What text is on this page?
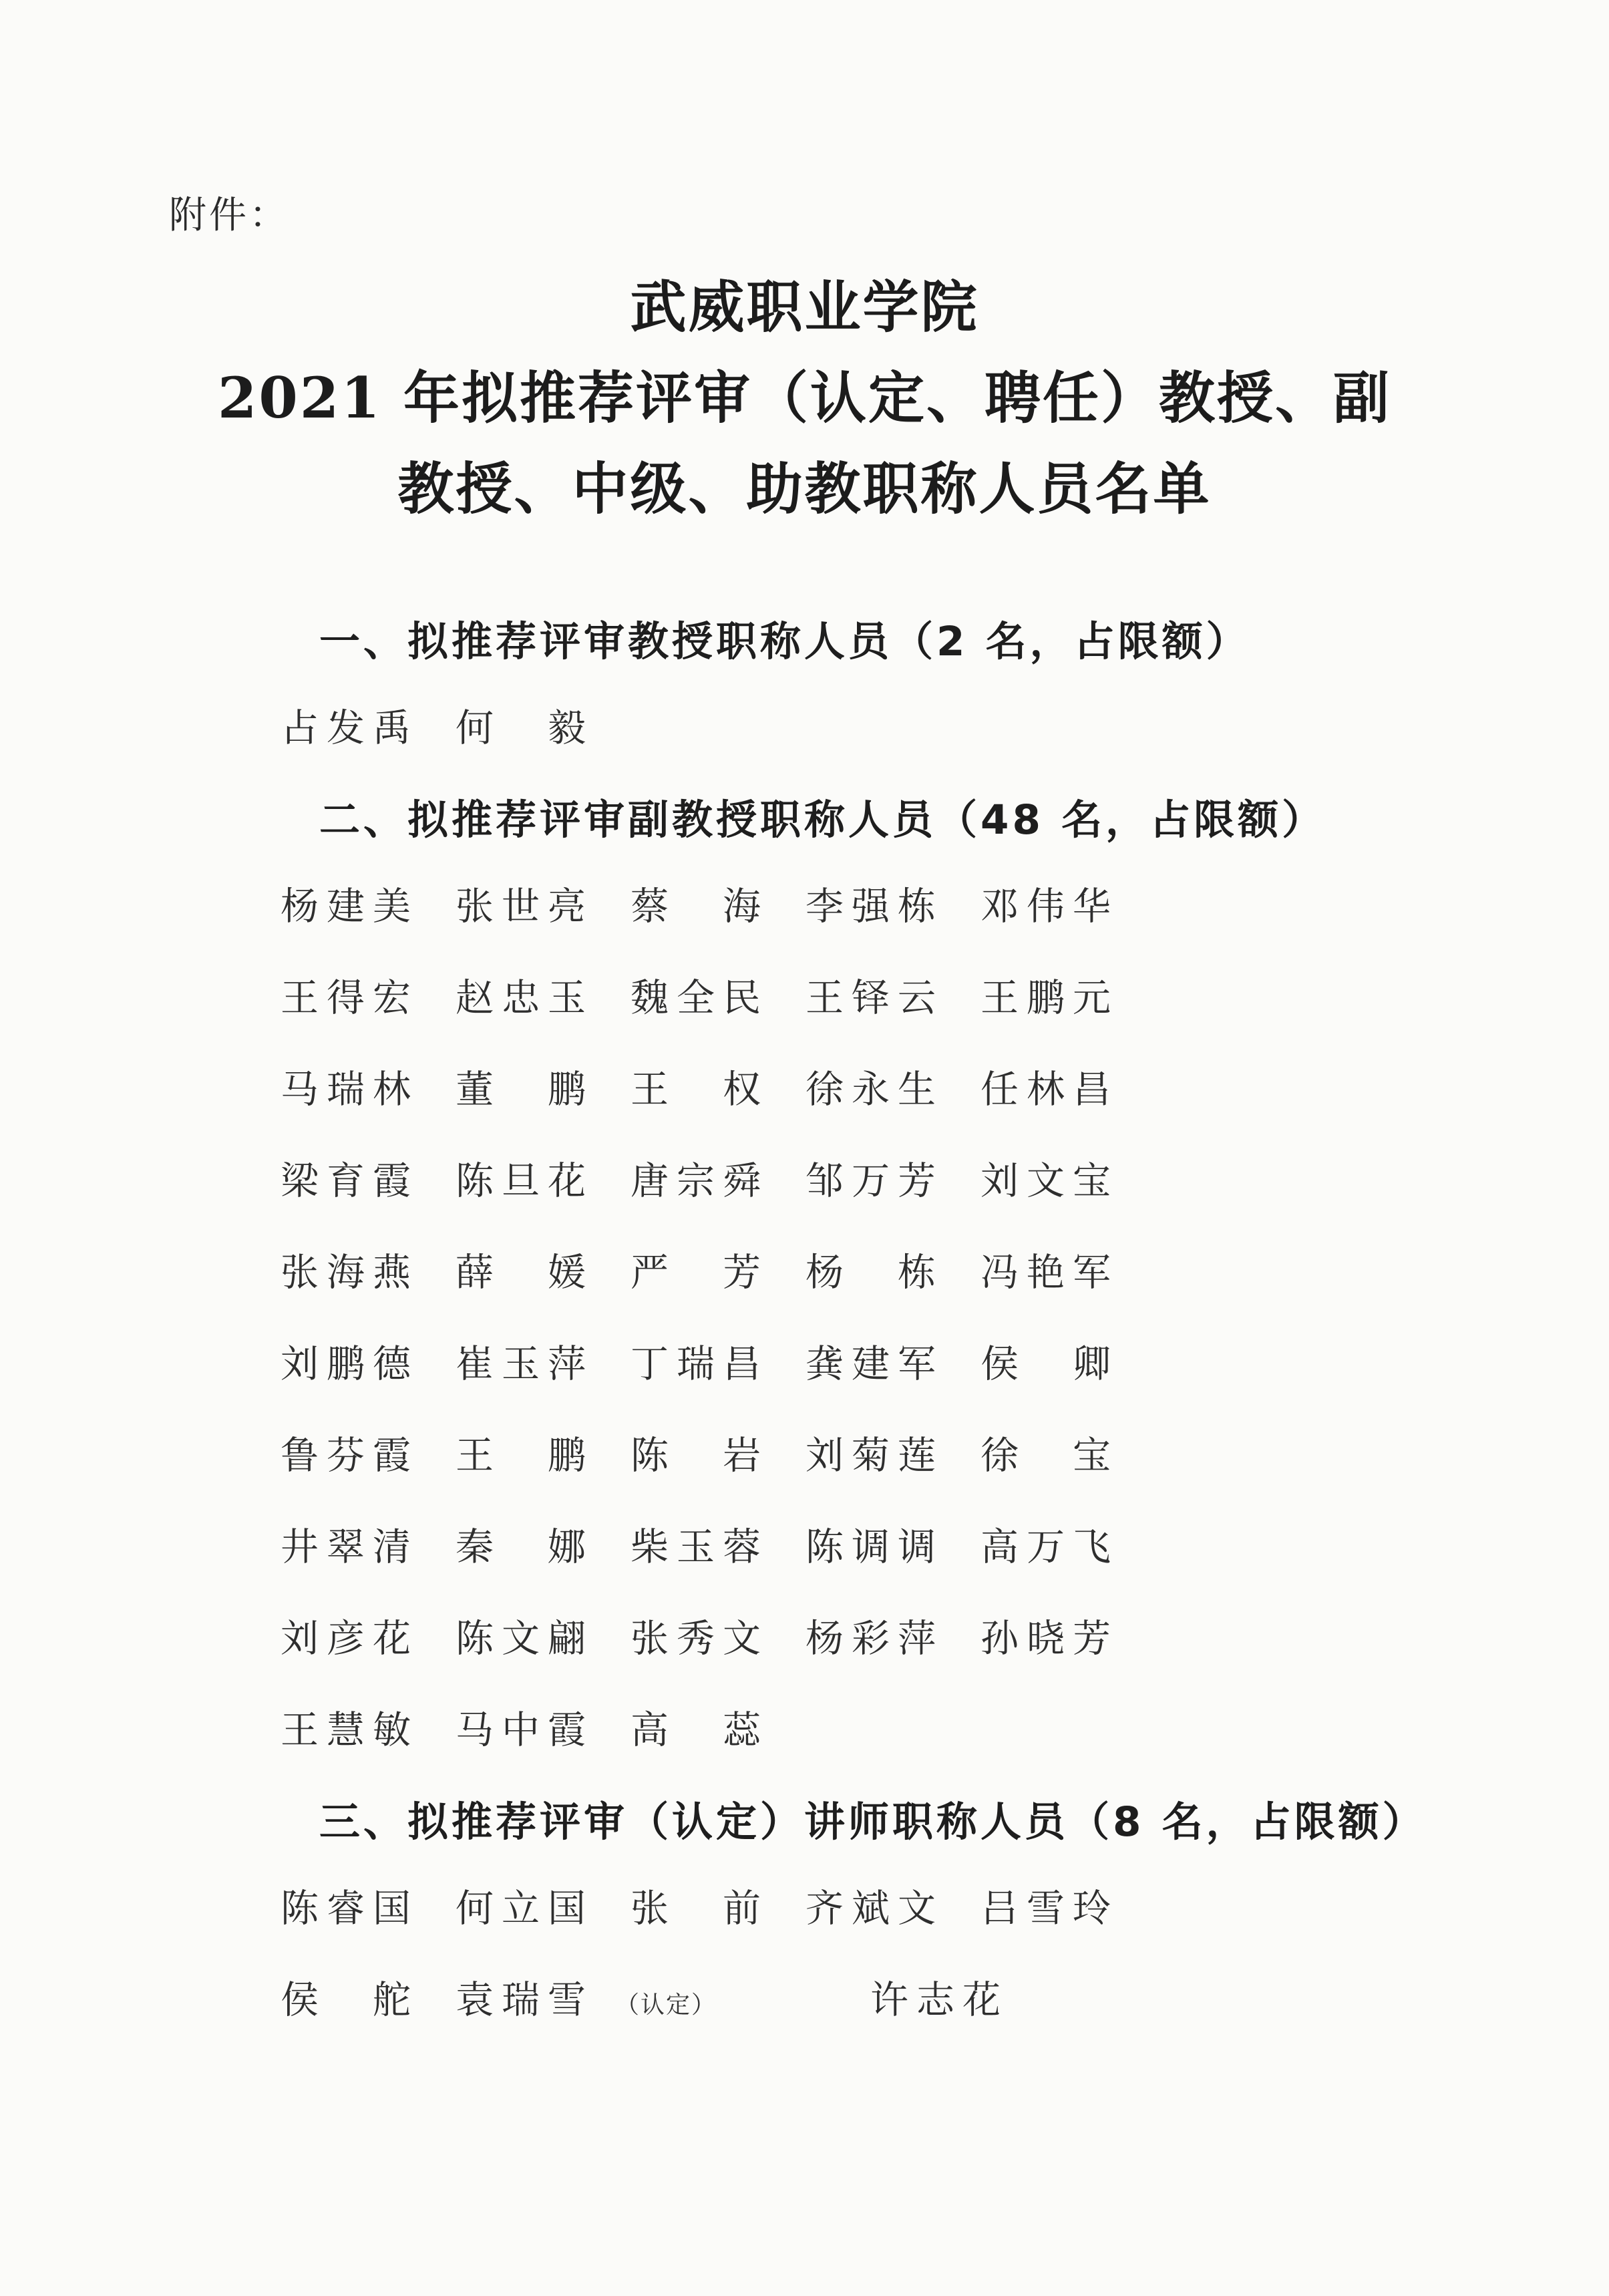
附件：
武威职业学院
2021 年拟推荐评审（认定、聘任）教授、副
教授、中级、助教职称人员名单
一、拟推荐评审教授职称人员（2 名，占限额）
占发禹 何　毅
二、拟推荐评审副教授职称人员（48 名，占限额）
杨建美 张世亮 蔡　海 李强栋 邓伟华
王得宏 赵忠玉 魏全民 王铎云 王鹏元
马瑞林 董　鹏 王　权 徐永生 任林昌
梁育霞 陈旦花 唐宗舜 邹万芳 刘文宝
张海燕 薛　媛 严　芳 杨　栋 冯艳军
刘鹏德 崔玉萍 丁瑞昌 龚建军 侯　卿
鲁芬霞 王　鹏 陈　岩 刘菊莲 徐　宝
井翠清 秦　娜 柴玉蓉 陈调调 高万飞
刘彦花 陈文翩 张秀文 杨彩萍 孙晓芳
王慧敏 马中霞 高　蕊
三、拟推荐评审（认定）讲师职称人员（8 名，占限额）
陈睿国 何立国 张　前 齐斌文 吕雪玲
侯　舵 袁瑞雪 （认定）	许志花
